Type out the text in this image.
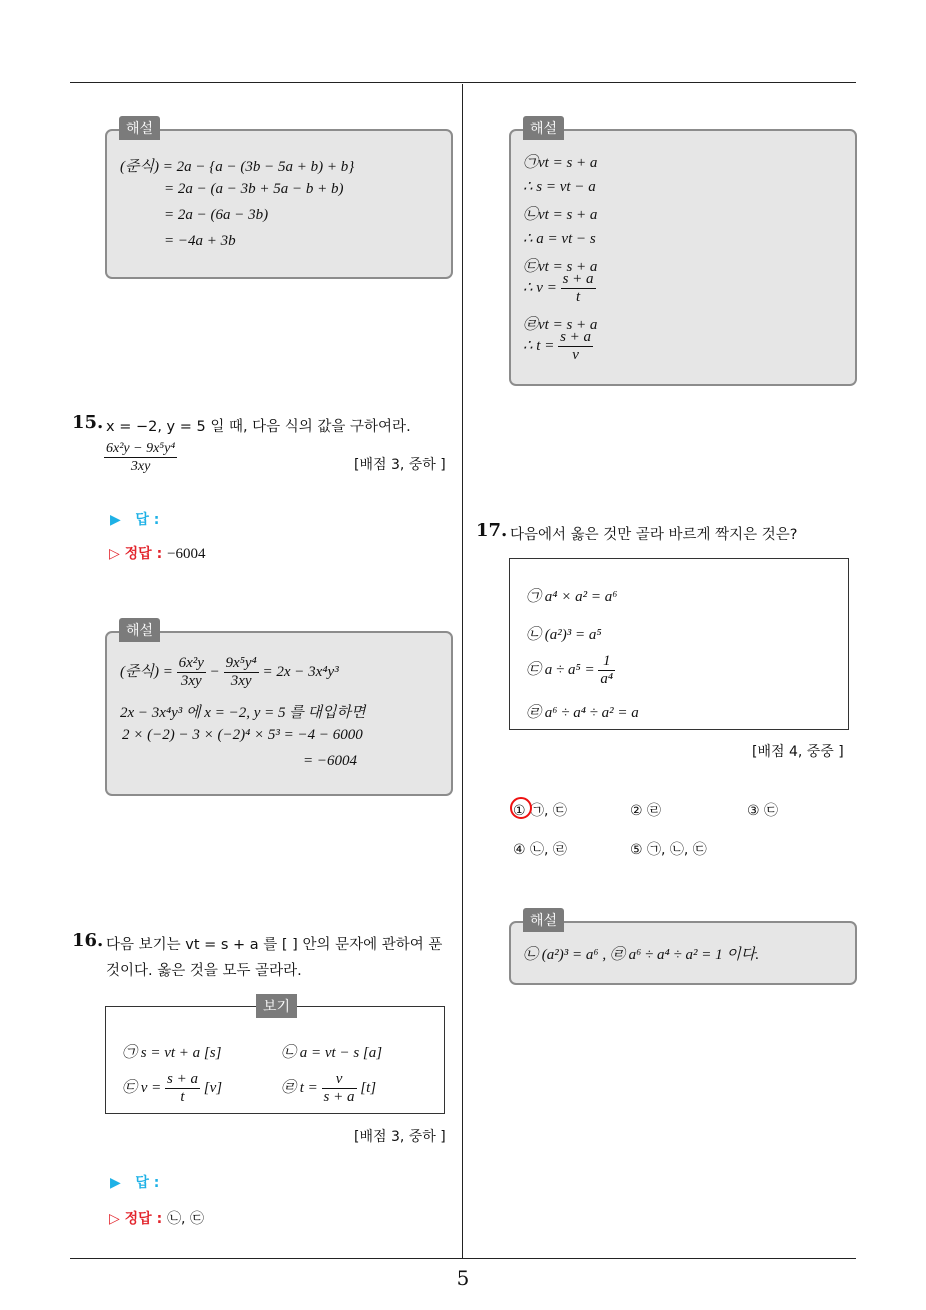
5
(준식) = 2a − {a − (3b − 5a + b) + b}
= 2a − (a − 3b + 5a − b + b)
= 2a − (6a − 3b)
= −4a + 3b
해설
15. x = −2, y = 5 일 때, 다음 식의 값을 구하여라.
$\frac{\text{6x²y − 9x⁵y⁴}}{3xy}$	[배점 3, 중하 ]
▶ 답 :
▷ 정답 : −6004
(준식) = $\frac{\text{6x²y}}{3xy} - \frac{\text{9x⁵y⁴}}{3xy} = 2x - 3x^4y^3$
2x − 3x⁴y³ 에 x = −2, y = 5 를 대입하면
2 × (−2) − 3 × (−2)⁴ × 5³ = −4 − 6000
= −6004
해설
16. 다음 보기는 vt = s + a 를 [ ] 안의 문자에 관하여 푼
것이다. 옳은 것을 모두 골라라.
㉠ s = vt + a [s]	㉡ a = vt − s [a]
㉢ $v = \frac{s + a}{t} [v]$	㉣ $t = \frac{v}{s + a} [t]$
보기
[배점 3, 중하 ]
▶ 답 :
▷ 정답 : ㉡, ㉢
㉠vt = s + a
∴ s = vt − a
㉡vt = s + a
∴ a = vt − s
㉢vt = s + a
∴ $v = \frac{s + a}{t}$
㉣vt = s + a
∴ $t = \frac{s + a}{v}$
해설
17. 다음에서 옳은 것만 골라 바르게 짝지은 것은?
㉠ a⁴ × a² = a⁶
㉡ (a²)³ = a⁵
㉢ $a \div a^5 = \frac{1}{\text{a⁴}}$
㉣ a⁶ ÷ a⁴ ÷ a² = a
[배점 4, 중중 ]
① ㉠, ㉢	② ㉣	③ ㉢
④ ㉡, ㉣	⑤ ㉠, ㉡, ㉢
㉡ (a²)³ = a⁶ , ㉣ a⁶ ÷ a⁴ ÷ a² = 1 이다.
해설
